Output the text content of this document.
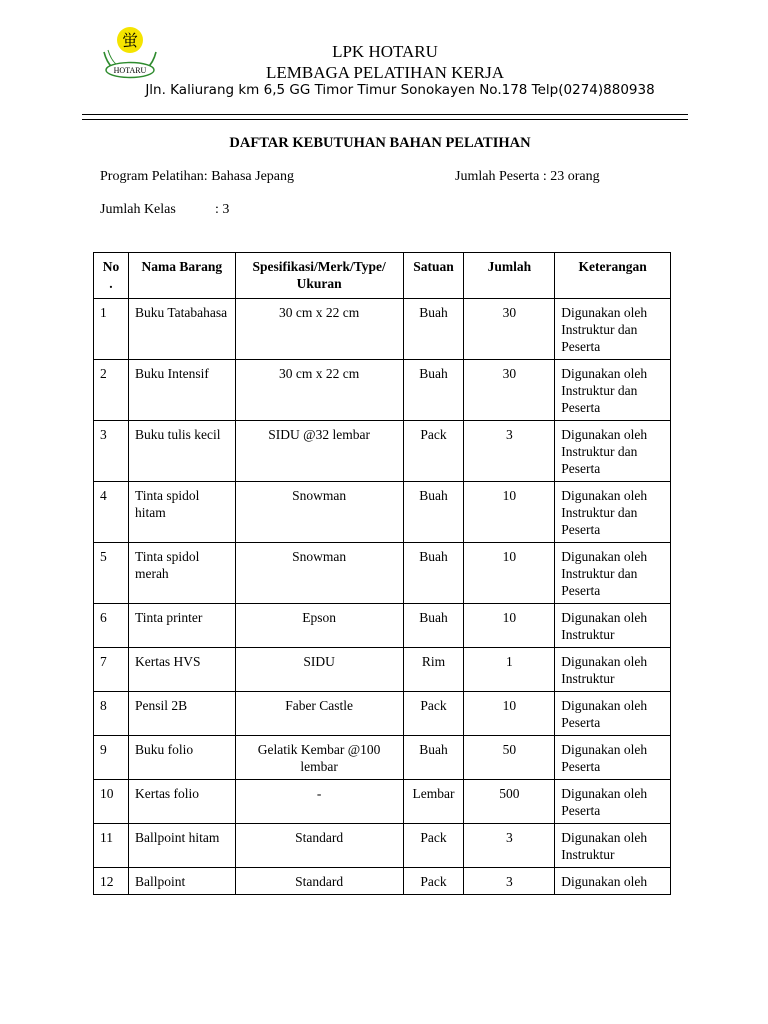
蛍
HOTARU
LPK HOTARU
LEMBAGA PELATIHAN KERJA
Jln. Kaliurang km 6,5 GG Timor Timur Sonokayen No.178 Telp(0274)880938
DAFTAR KEBUTUHAN BAHAN PELATIHAN
Program Pelatihan: Bahasa Jepang	Jumlah Peserta : 23 orang
Jumlah Kelas	: 3
No .	Nama Barang	Spesifikasi/Merk/Type/ Ukuran	Satuan	Jumlah	Keterangan
1	Buku Tatabahasa	30 cm x 22 cm	Buah	30	Digunakan oleh Instruktur dan Peserta
2	Buku Intensif	30 cm x 22 cm	Buah	30	Digunakan oleh Instruktur dan Peserta
3	Buku tulis kecil	SIDU @32 lembar	Pack	3	Digunakan oleh Instruktur dan Peserta
4	Tinta spidol hitam	Snowman	Buah	10	Digunakan oleh Instruktur dan Peserta
5	Tinta spidol merah	Snowman	Buah	10	Digunakan oleh Instruktur dan Peserta
6	Tinta printer	Epson	Buah	10	Digunakan oleh Instruktur
7	Kertas HVS	SIDU	Rim	1	Digunakan oleh Instruktur
8	Pensil 2B	Faber Castle	Pack	10	Digunakan oleh Peserta
9	Buku folio	Gelatik Kembar @100 lembar	Buah	50	Digunakan oleh Peserta
10	Kertas folio	-	Lembar	500	Digunakan oleh Peserta
11	Ballpoint hitam	Standard	Pack	3	Digunakan oleh Instruktur
12	Ballpoint	Standard	Pack	3	Digunakan oleh
